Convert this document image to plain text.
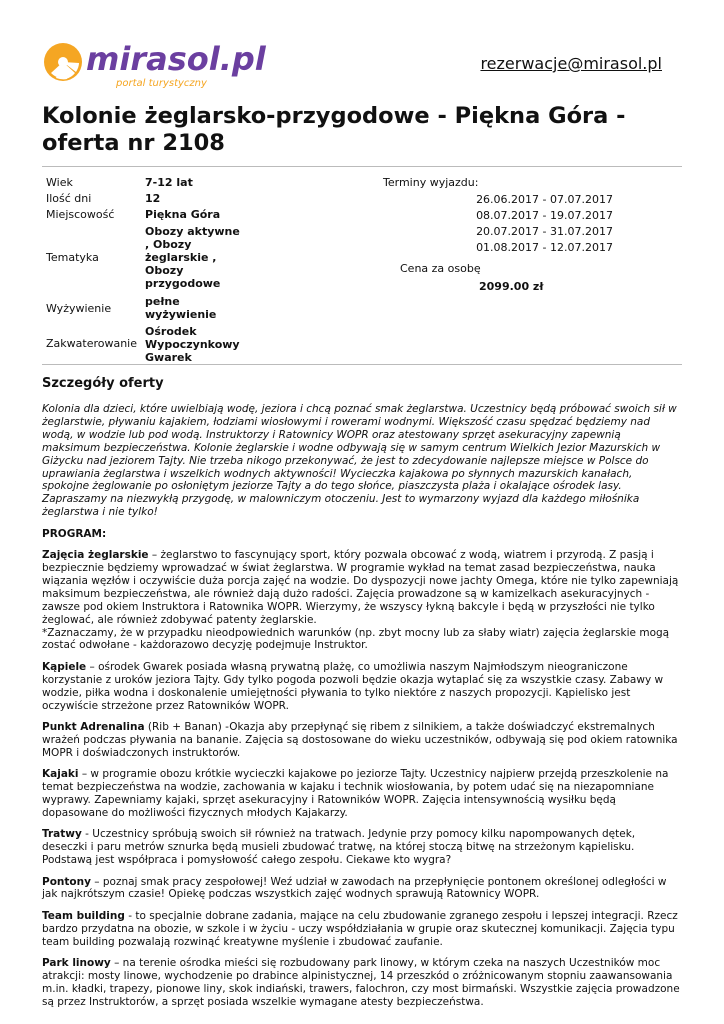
mirasol.pl
portal turystyczny
rezerwacje@mirasol.pl
Kolonie żeglarsko-przygodowe - Piękna Góra - oferta nr 2108
Wiek	7-12 lat
Ilość dni	12
Miejscowość	Piękna Góra
Tematyka	Obozy aktywne , Obozy żeglarskie , Obozy przygodowe
Wyżywienie	pełne wyżywienie
Zakwaterowanie	Ośrodek Wypoczynkowy Gwarek
Terminy wyjazdu:
26.06.2017 - 07.07.2017
08.07.2017 - 19.07.2017
20.07.2017 - 31.07.2017
01.08.2017 - 12.07.2017
Cena za osobę
2099.00 zł
Szczegóły oferty

Kolonia dla dzieci, które uwielbiają wodę, jeziora i chcą poznać smak żeglarstwa. Uczestnicy będą próbować swoich sił w żeglarstwie, pływaniu kajakiem, łodziami wiosłowymi i rowerami wodnymi. Większość czasu spędzać będziemy nad wodą, w wodzie lub pod wodą. Instruktorzy i Ratownicy WOPR oraz atestowany sprzęt asekuracyjny zapewnią maksimum bezpieczeństwa. Kolonie żeglarskie i wodne odbywają się w samym centrum Wielkich Jezior Mazurskich w Giżycku nad jeziorem Tajty. Nie trzeba nikogo przekonywać, że jest to zdecydowanie najlepsze miejsce w Polsce do uprawiania żeglarstwa i wszelkich wodnych aktywności! Wycieczka kajakowa po słynnych mazurskich kanałach, spokojne żeglowanie po osłoniętym jeziorze Tajty a do tego słońce, piaszczysta plaża i okalające ośrodek lasy. Zapraszamy na niezwykłą przygodę, w malowniczym otoczeniu. Jest to wymarzony wyjazd dla każdego miłośnika żeglarstwa i nie tylko!

PROGRAM:

Zajęcia żeglarskie – żeglarstwo to fascynujący sport, który pozwala obcować z wodą, wiatrem i przyrodą. Z pasją i bezpiecznie będziemy wprowadzać w świat żeglarstwa. W programie wykład na temat zasad bezpieczeństwa, nauka wiązania węzłów i oczywiście duża porcja zajęć na wodzie. Do dyspozycji nowe jachty Omega, które nie tylko zapewniają maksimum bezpieczeństwa, ale również dają dużo radości. Zajęcia prowadzone są w kamizelkach asekuracyjnych - zawsze pod okiem Instruktora i Ratownika WOPR. Wierzymy, że wszyscy łykną bakcyle i będą w przyszłości nie tylko żeglować, ale również zdobywać patenty żeglarskie.
*Zaznaczamy, że w przypadku nieodpowiednich warunków (np. zbyt mocny lub za słaby wiatr) zajęcia żeglarskie mogą zostać odwołane - każdorazowo decyzję podejmuje Instruktor.

Kąpiele – ośrodek Gwarek posiada własną prywatną plażę, co umożliwia naszym Najmłodszym nieograniczone korzystanie z uroków jeziora Tajty. Gdy tylko pogoda pozwoli będzie okazja wytaplać się za wszystkie czasy. Zabawy w wodzie, piłka wodna i doskonalenie umiejętności pływania to tylko niektóre z naszych propozycji. Kąpielisko jest oczywiście strzeżone przez Ratowników WOPR.

Punkt Adrenalina (Rib + Banan) -Okazja aby przepłynąć się ribem z silnikiem, a także doświadczyć ekstremalnych wrażeń podczas pływania na bananie. Zajęcia są dostosowane do wieku uczestników, odbywają się pod okiem ratownika MOPR i doświadczonych instruktorów.

Kajaki – w programie obozu krótkie wycieczki kajakowe po jeziorze Tajty. Uczestnicy najpierw przejdą przeszkolenie na temat bezpieczeństwa na wodzie, zachowania w kajaku i technik wiosłowania, by potem udać się na niezapomniane wyprawy. Zapewniamy kajaki, sprzęt asekuracyjny i Ratowników WOPR. Zajęcia intensywnością wysiłku będą dopasowane do możliwości fizycznych młodych Kajakarzy.

Tratwy - Uczestnicy spróbują swoich sił również na tratwach. Jedynie przy pomocy kilku napompowanych dętek, deseczki i paru metrów sznurka będą musieli zbudować tratwę, na której stoczą bitwę na strzeżonym kąpielisku. Podstawą jest współpraca i pomysłowość całego zespołu. Ciekawe kto wygra?

Pontony – poznaj smak pracy zespołowej! Weź udział w zawodach na przepłynięcie pontonem określonej odległości w jak najkrótszym czasie! Opiekę podczas wszystkich zajęć wodnych sprawują Ratownicy WOPR.

Team building - to specjalnie dobrane zadania, mające na celu zbudowanie zgranego zespołu i lepszej integracji. Rzecz bardzo przydatna na obozie, w szkole i w życiu - uczy współdziałania w grupie oraz skutecznej komunikacji. Zajęcia typu team building pozwalają rozwinąć kreatywne myślenie i zbudować zaufanie.

Park linowy – na terenie ośrodka mieści się rozbudowany park linowy, w którym czeka na naszych Uczestników moc atrakcji: mosty linowe, wychodzenie po drabince alpinistycznej, 14 przeszkód o zróżnicowanym stopniu zaawansowania m.in. kładki, trapezy, pionowe liny, skok indiański, trawers, falochron, czy most birmański. Wszystkie zajęcia prowadzone są przez Instruktorów, a sprzęt posiada wszelkie wymagane atesty bezpieczeństwa.
